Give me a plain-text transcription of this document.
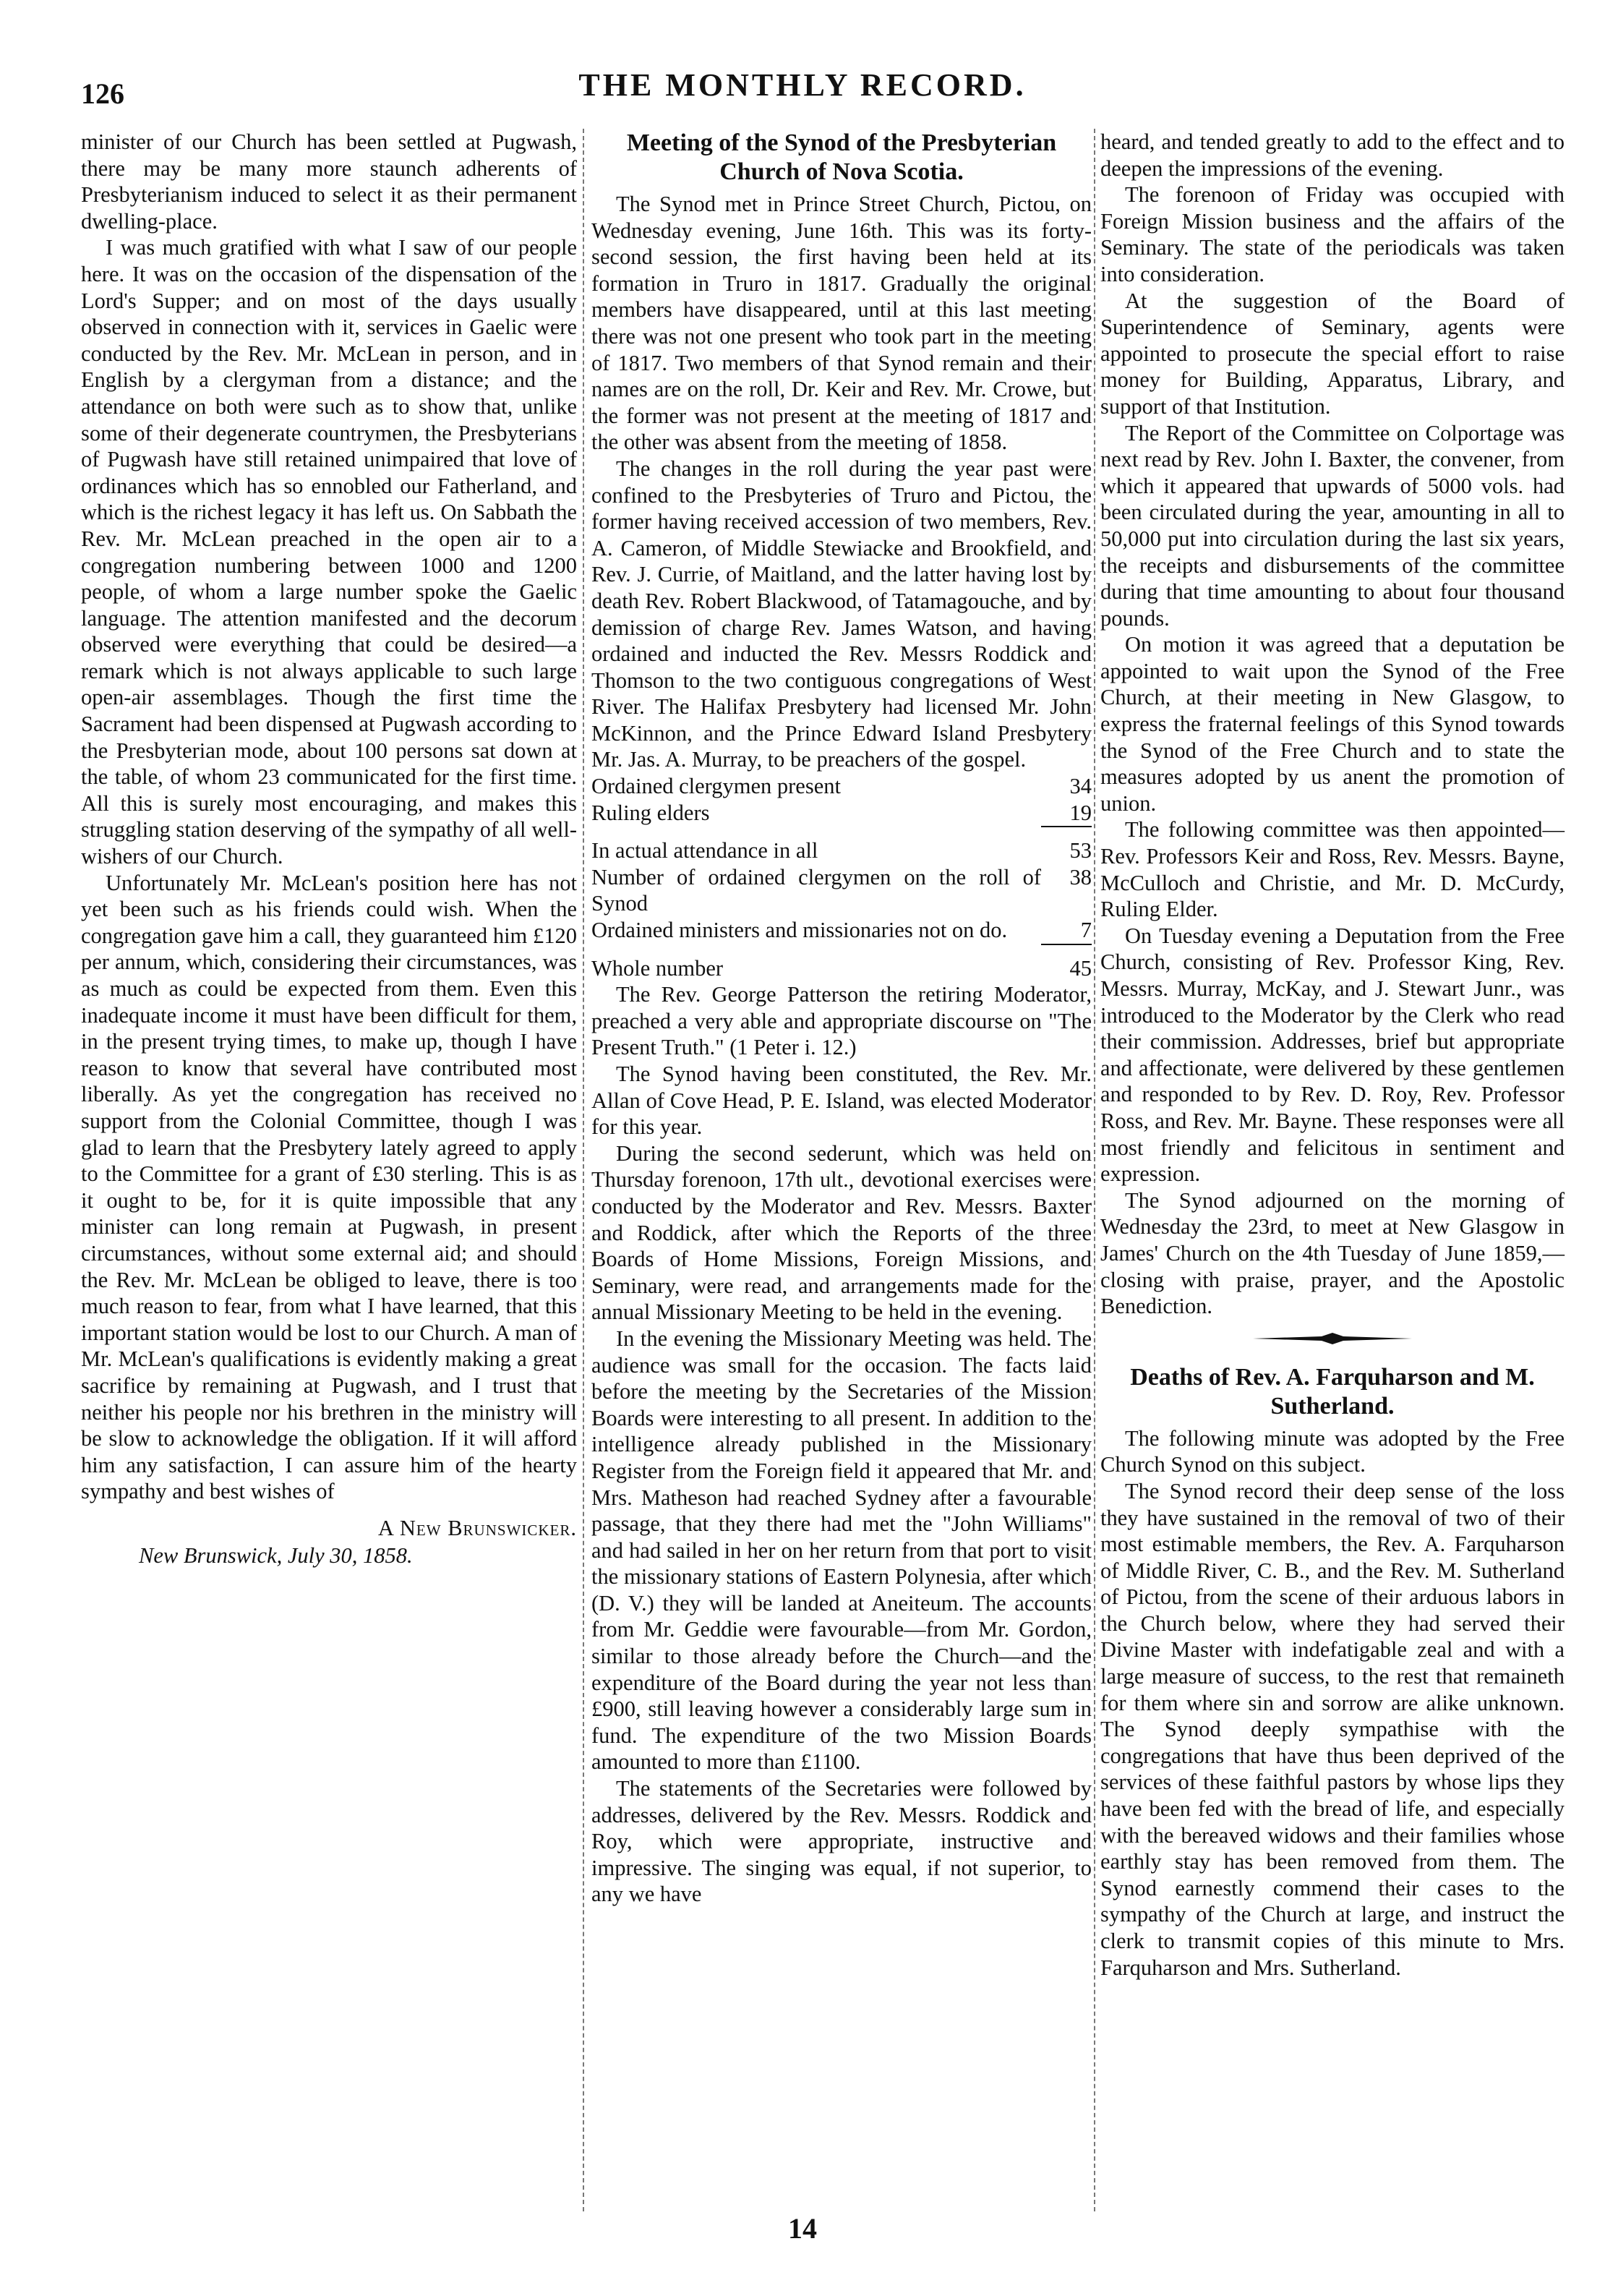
126	THE MONTHLY RECORD.

minister of our Church has been settled at Pugwash, there may be many more staunch adherents of Presbyterianism induced to select it as their permanent dwelling-place.

I was much gratified with what I saw of our people here. It was on the occasion of the dispensation of the Lord's Supper; and on most of the days usually observed in connection with it, services in Gaelic were conducted by the Rev. Mr. McLean in person, and in English by a clergyman from a distance; and the attendance on both were such as to show that, unlike some of their degenerate countrymen, the Presbyterians of Pugwash have still retained unimpaired that love of ordinances which has so ennobled our Fatherland, and which is the richest legacy it has left us. On Sabbath the Rev. Mr. McLean preached in the open air to a congregation numbering between 1000 and 1200 people, of whom a large number spoke the Gaelic language. The attention manifested and the decorum observed were everything that could be desired—a remark which is not always applicable to such large open-air assemblages. Though the first time the Sacrament had been dispensed at Pugwash according to the Presbyterian mode, about 100 persons sat down at the table, of whom 23 communicated for the first time. All this is surely most encouraging, and makes this struggling station deserving of the sympathy of all well-wishers of our Church.

Unfortunately Mr. McLean's position here has not yet been such as his friends could wish. When the congregation gave him a call, they guaranteed him £120 per annum, which, considering their circumstances, was as much as could be expected from them. Even this inadequate income it must have been difficult for them, in the present trying times, to make up, though I have reason to know that several have contributed most liberally. As yet the congregation has received no support from the Colonial Committee, though I was glad to learn that the Presbytery lately agreed to apply to the Committee for a grant of £30 sterling. This is as it ought to be, for it is quite impossible that any minister can long remain at Pugwash, in present circumstances, without some external aid; and should the Rev. Mr. McLean be obliged to leave, there is too much reason to fear, from what I have learned, that this important station would be lost to our Church. A man of Mr. McLean's qualifications is evidently making a great sacrifice by remaining at Pugwash, and I trust that neither his people nor his brethren in the ministry will be slow to acknowledge the obligation. If it will afford him any satisfaction, I can assure him of the hearty sympathy and best wishes of

A New Brunswicker.
New Brunswick, July 30, 1858.
Meeting of the Synod of the Presbyterian Church of Nova Scotia.

The Synod met in Prince Street Church, Pictou, on Wednesday evening, June 16th. This was its forty-second session, the first having been held at its formation in Truro in 1817. Gradually the original members have disappeared, until at this last meeting there was not one present who took part in the meeting of 1817. Two members of that Synod remain and their names are on the roll, Dr. Keir and Rev. Mr. Crowe, but the former was not present at the meeting of 1817 and the other was absent from the meeting of 1858.

The changes in the roll during the year past were confined to the Presbyteries of Truro and Pictou, the former having received accession of two members, Rev. A. Cameron, of Middle Stewiacke and Brookfield, and Rev. J. Currie, of Maitland, and the latter having lost by death Rev. Robert Blackwood, of Tatamagouche, and by demission of charge Rev. James Watson, and having ordained and inducted the Rev. Messrs Roddick and Thomson to the two contiguous congregations of West River. The Halifax Presbytery had licensed Mr. John McKinnon, and the Prince Edward Island Presbytery Mr. Jas. A. Murray, to be preachers of the gospel.

Ordained clergymen present	34
Ruling elders	19
In actual attendance in all	53
Number of ordained clergymen on the roll of Synod
38
Ordained ministers and missionaries not on do.	7
Whole number	45

The Rev. George Patterson the retiring Moderator, preached a very able and appropriate discourse on "The Present Truth." (1 Peter i. 12.)

The Synod having been constituted, the Rev. Mr. Allan of Cove Head, P. E. Island, was elected Moderator for this year.

During the second sederunt, which was held on Thursday forenoon, 17th ult., devotional exercises were conducted by the Moderator and Rev. Messrs. Baxter and Roddick, after which the Reports of the three Boards of Home Missions, Foreign Missions, and Seminary, were read, and arrangements made for the annual Missionary Meeting to be held in the evening.

In the evening the Missionary Meeting was held. The audience was small for the occasion. The facts laid before the meeting by the Secretaries of the Mission Boards were interesting to all present. In addition to the intelligence already published in the Missionary Register from the Foreign field it appeared that Mr. and Mrs. Matheson had reached Sydney after a favourable passage, that they there had met the "John Williams" and had sailed in her on her return from that port to visit the missionary stations of Eastern Polynesia, after which (D. V.) they will be landed at Aneiteum. The accounts from Mr. Geddie were favourable—from Mr. Gordon, similar to those already before the Church—and the expenditure of the Board during the year not less than £900, still leaving however a considerably large sum in fund. The expenditure of the two Mission Boards amounted to more than £1100.

The statements of the Secretaries were followed by addresses, delivered by the Rev. Messrs. Roddick and Roy, which were appropriate, instructive and impressive. The singing was equal, if not superior, to any we have

heard, and tended greatly to add to the effect and to deepen the impressions of the evening.

The forenoon of Friday was occupied with Foreign Mission business and the affairs of the Seminary. The state of the periodicals was taken into consideration.

At the suggestion of the Board of Superintendence of Seminary, agents were appointed to prosecute the special effort to raise money for Building, Apparatus, Library, and support of that Institution.

The Report of the Committee on Colportage was next read by Rev. John I. Baxter, the convener, from which it appeared that upwards of 5000 vols. had been circulated during the year, amounting in all to 50,000 put into circulation during the last six years, the receipts and disbursements of the committee during that time amounting to about four thousand pounds.

On motion it was agreed that a deputation be appointed to wait upon the Synod of the Free Church, at their meeting in New Glasgow, to express the fraternal feelings of this Synod towards the Synod of the Free Church and to state the measures adopted by us anent the promotion of union.

The following committee was then appointed—Rev. Professors Keir and Ross, Rev. Messrs. Bayne, McCulloch and Christie, and Mr. D. McCurdy, Ruling Elder.

On Tuesday evening a Deputation from the Free Church, consisting of Rev. Professor King, Rev. Messrs. Murray, McKay, and J. Stewart Junr., was introduced to the Moderator by the Clerk who read their commission. Addresses, brief but appropriate and affectionate, were delivered by these gentlemen and responded to by Rev. D. Roy, Rev. Professor Ross, and Rev. Mr. Bayne. These responses were all most friendly and felicitous in sentiment and expression.

The Synod adjourned on the morning of Wednesday the 23rd, to meet at New Glasgow in James' Church on the 4th Tuesday of June 1859,—closing with praise, prayer, and the Apostolic Benediction.

Deaths of Rev. A. Farquharson and M. Sutherland.

The following minute was adopted by the Free Church Synod on this subject.

The Synod record their deep sense of the loss they have sustained in the removal of two of their most estimable members, the Rev. A. Farquharson of Middle River, C. B., and the Rev. M. Sutherland of Pictou, from the scene of their arduous labors in the Church below, where they had served their Divine Master with indefatigable zeal and with a large measure of success, to the rest that remaineth for them where sin and sorrow are alike unknown. The Synod deeply sympathise with the congregations that have thus been deprived of the services of these faithful pastors by whose lips they have been fed with the bread of life, and especially with the bereaved widows and their families whose earthly stay has been removed from them. The Synod earnestly commend their cases to the sympathy of the Church at large, and instruct the clerk to transmit copies of this minute to Mrs. Farquharson and Mrs. Sutherland.

14
